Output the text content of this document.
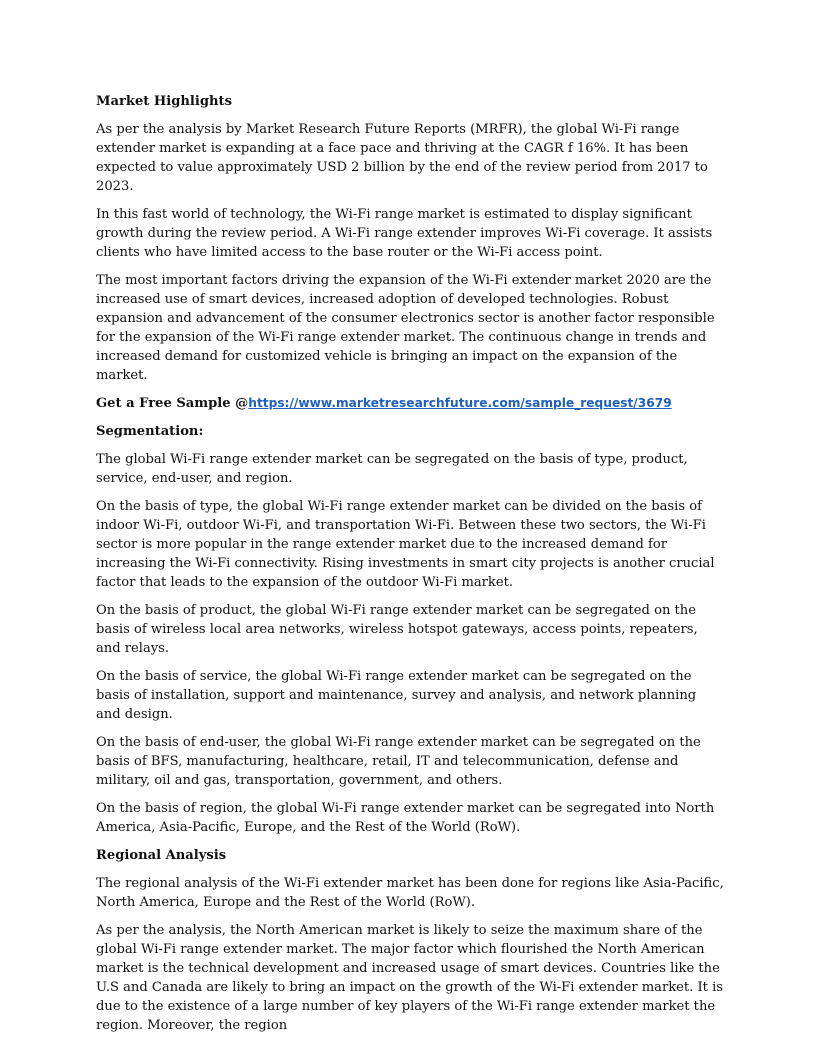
Market Highlights
As per the analysis by Market Research Future Reports (MRFR), the global Wi-Fi range extender market is expanding at a face pace and thriving at the CAGR f 16%. It has been expected to value approximately USD 2 billion by the end of the review period from 2017 to 2023.
In this fast world of technology, the Wi-Fi range market is estimated to display significant growth during the review period. A Wi-Fi range extender improves Wi-Fi coverage. It assists clients who have limited access to the base router or the Wi-Fi access point.
The most important factors driving the expansion of the Wi-Fi extender market 2020 are the increased use of smart devices, increased adoption of developed technologies. Robust expansion and advancement of the consumer electronics sector is another factor responsible for the expansion of the Wi-Fi range extender market. The continuous change in trends and increased demand for customized vehicle is bringing an impact on the expansion of the market.
Get a Free Sample @https://www.marketresearchfuture.com/sample_request/3679
Segmentation:
The global Wi-Fi range extender market can be segregated on the basis of type, product, service, end-user, and region.
On the basis of type, the global Wi-Fi range extender market can be divided on the basis of indoor Wi-Fi, outdoor Wi-Fi, and transportation Wi-Fi. Between these two sectors, the Wi-Fi sector is more popular in the range extender market due to the increased demand for increasing the Wi-Fi connectivity. Rising investments in smart city projects is another crucial factor that leads to the expansion of the outdoor Wi-Fi market.
On the basis of product, the global Wi-Fi range extender market can be segregated on the basis of wireless local area networks, wireless hotspot gateways, access points, repeaters, and relays.
On the basis of service, the global Wi-Fi range extender market can be segregated on the basis of installation, support and maintenance, survey and analysis, and network planning and design.
On the basis of end-user, the global Wi-Fi range extender market can be segregated on the basis of BFS, manufacturing, healthcare, retail, IT and telecommunication, defense and military, oil and gas, transportation, government, and others.
On the basis of region, the global Wi-Fi range extender market can be segregated into North America, Asia-Pacific, Europe, and the Rest of the World (RoW).
Regional Analysis
The regional analysis of the Wi-Fi extender market has been done for regions like Asia-Pacific, North America, Europe and the Rest of the World (RoW).
As per the analysis, the North American market is likely to seize the maximum share of the global Wi-Fi range extender market. The major factor which flourished the North American market is the technical development and increased usage of smart devices. Countries like the U.S and Canada are likely to bring an impact on the growth of the Wi-Fi extender market. It is due to the existence of a large number of key players of the Wi-Fi range extender market the region. Moreover, the region
